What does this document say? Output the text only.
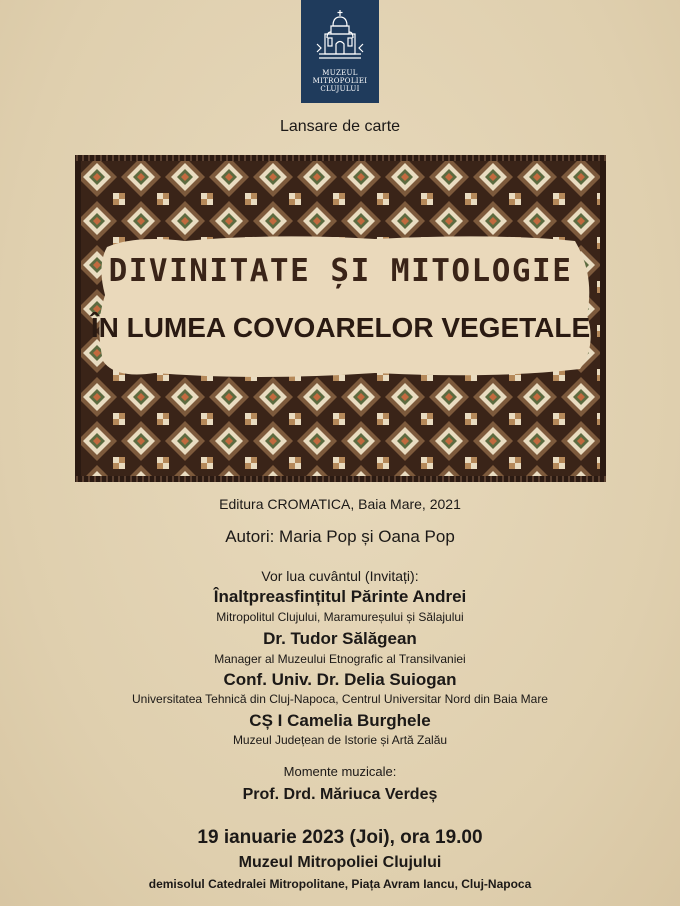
MUZEUL
MITROPOLIEI
CLUJULUI
Lansare de carte
DIVINITATE ȘI MITOLOGIE
ÎN LUMEA COVOARELOR VEGETALE
Editura CROMATICA, Baia Mare, 2021
Autori: Maria Pop și Oana Pop
Vor lua cuvântul (Invitați):
Înaltpreasfințitul Părinte Andrei
Mitropolitul Clujului, Maramureșului și Sălajului
Dr. Tudor Sălăgean
Manager al Muzeului Etnografic al Transilvaniei
Conf. Univ. Dr. Delia Suiogan
Universitatea Tehnică din Cluj-Napoca, Centrul Universitar Nord din Baia Mare
CȘ I Camelia Burghele
Muzeul Județean de Istorie și Artă Zalău
Momente muzicale:
Prof. Drd. Măriuca Verdeș
19 ianuarie 2023 (Joi), ora 19.00
Muzeul Mitropoliei Clujului
demisolul Catedralei Mitropolitane, Piața Avram Iancu, Cluj-Napoca
